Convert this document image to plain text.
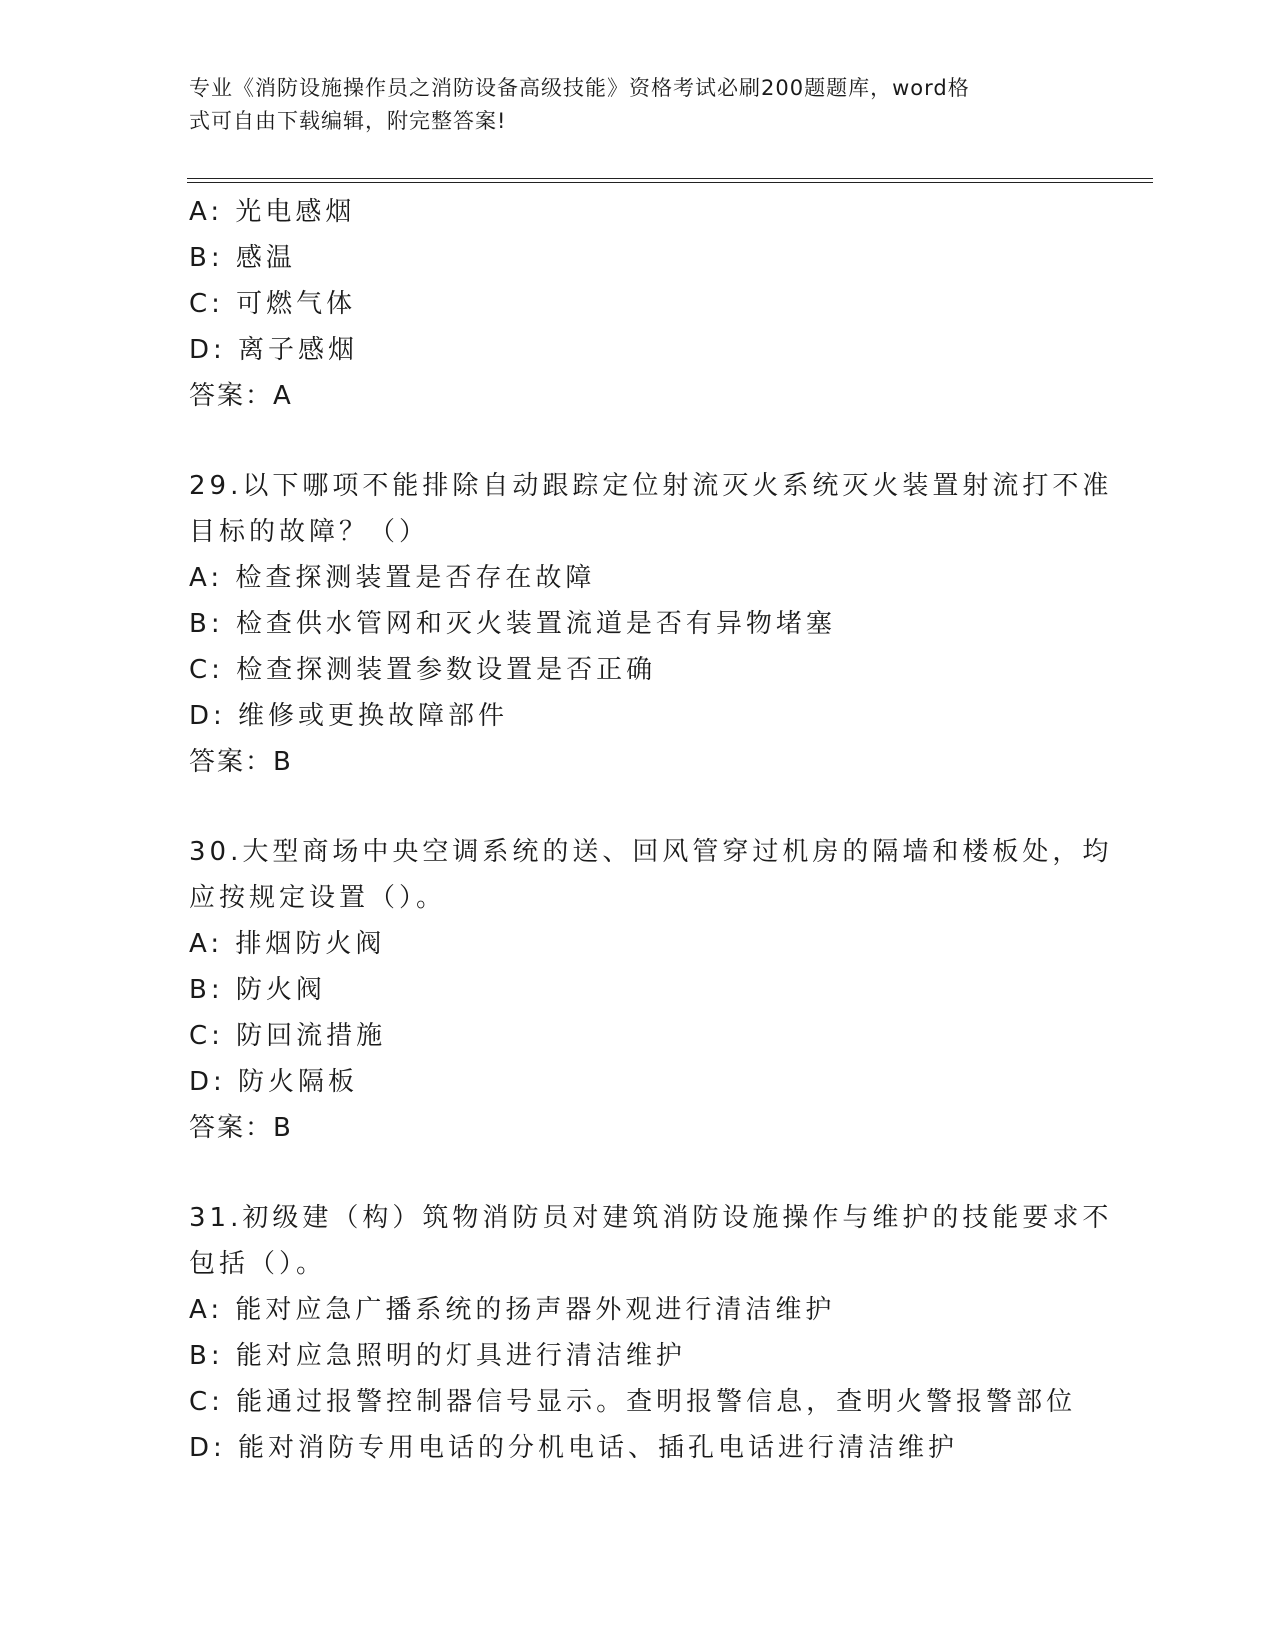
专业《消防设施操作员之消防设备高级技能》资格考试必刷200题题库，word格
式可自由下载编辑，附完整答案!
A: 光电感烟
B: 感温
C: 可燃气体
D: 离子感烟
答案：A
29.以下哪项不能排除自动跟踪定位射流灭火系统灭火装置射流打不准
目标的故障？（）
A: 检查探测装置是否存在故障
B: 检查供水管网和灭火装置流道是否有异物堵塞
C: 检查探测装置参数设置是否正确
D: 维修或更换故障部件
答案：B
30.大型商场中央空调系统的送、回风管穿过机房的隔墙和楼板处，均
应按规定设置（）。
A: 排烟防火阀
B: 防火阀
C: 防回流措施
D: 防火隔板
答案：B
31.初级建（构）筑物消防员对建筑消防设施操作与维护的技能要求不
包括（）。
A: 能对应急广播系统的扬声器外观进行清洁维护
B: 能对应急照明的灯具进行清洁维护
C: 能通过报警控制器信号显示。查明报警信息，查明火警报警部位
D: 能对消防专用电话的分机电话、插孔电话进行清洁维护
